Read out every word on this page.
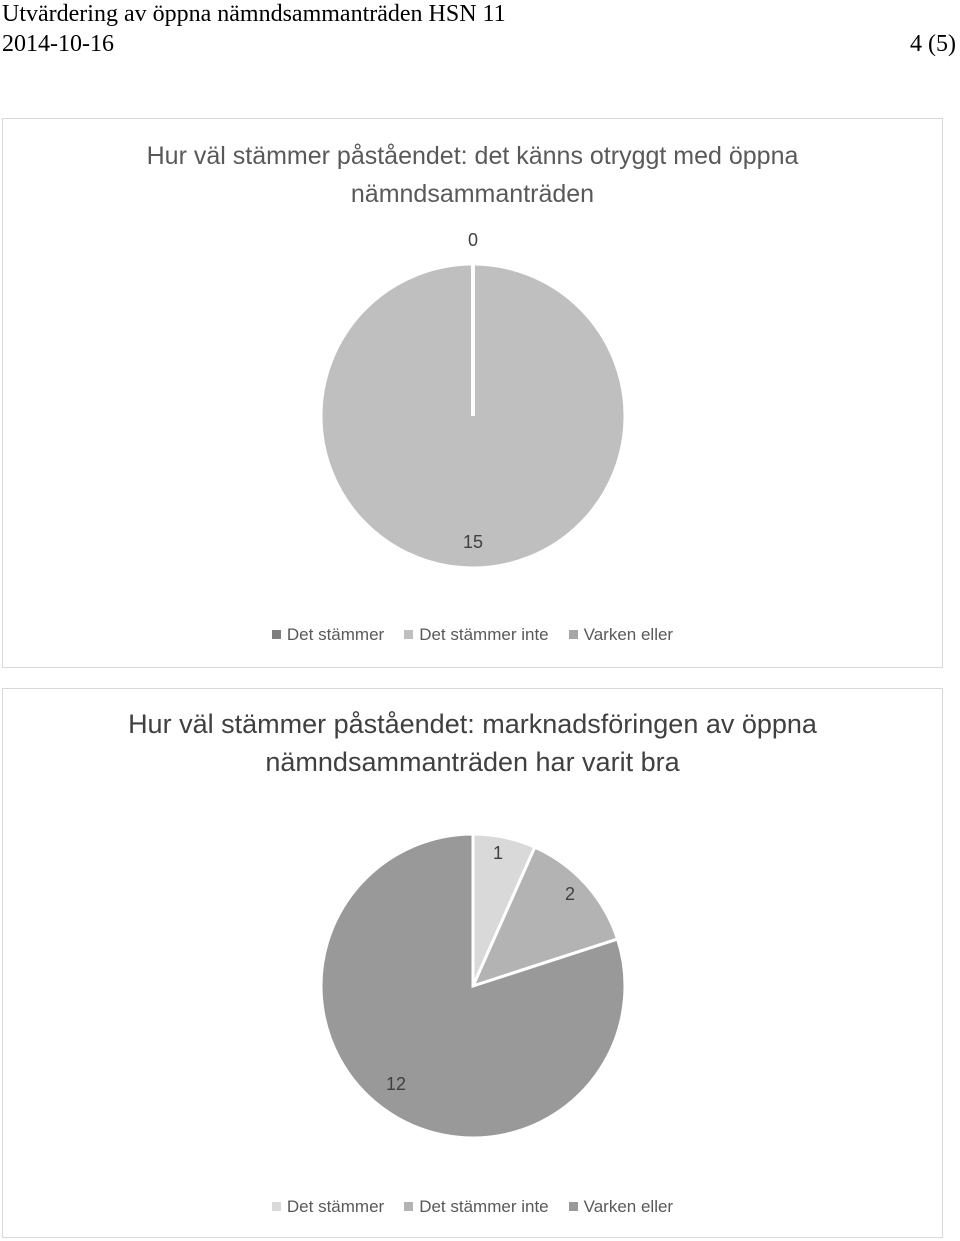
Utvärdering av öppna nämndsammanträden HSN 11
2014-10-16	4 (5)
Hur väl stämmer påståendet: det känns otryggt med öppna
nämndsammanträden
0
15
Det stämmer Det stämmer inte Varken eller
Hur väl stämmer påståendet: marknadsföringen av öppna
nämndsammanträden har varit bra
1
2
12
Det stämmer Det stämmer inte Varken eller
